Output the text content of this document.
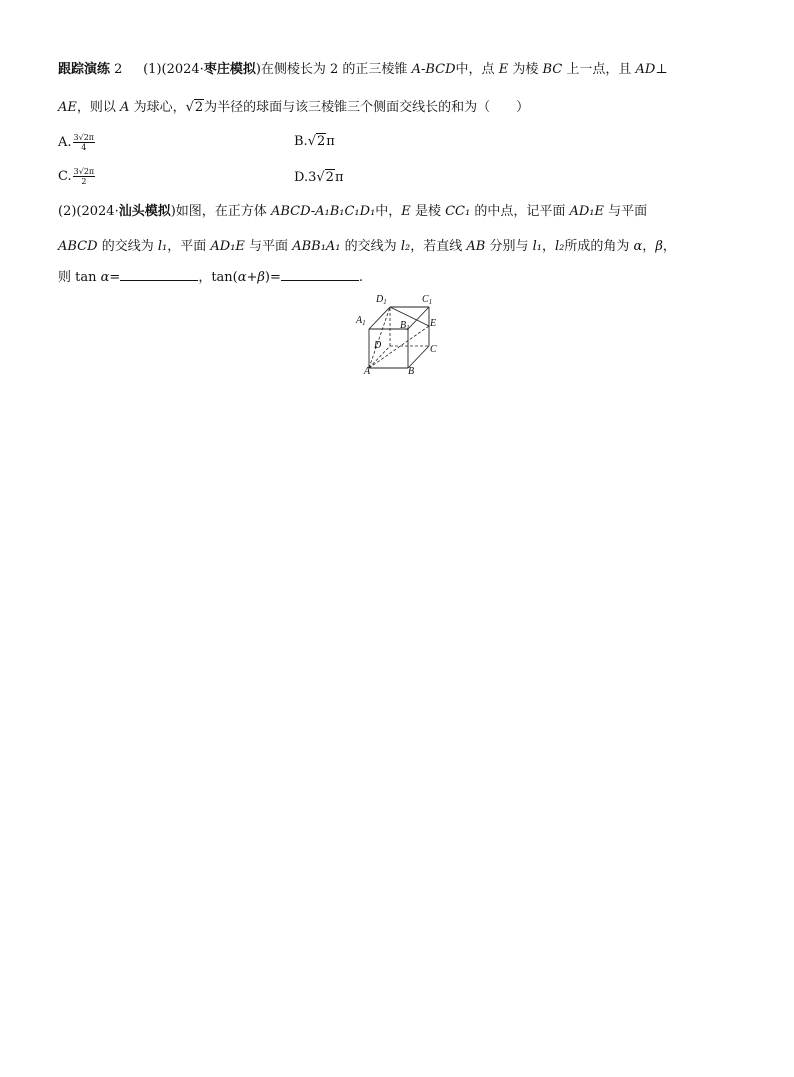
跟踪演练 2 (1)(2024·枣庄模拟)在侧棱长为 2 的正三棱锥 A-BCD中，点 E 为棱 BC 上一点，且 AD⊥
AE，则以 A 为球心，√2为半径的球面与该三棱锥三个侧面交线长的和为（　　）
A. $\frac{3√2\pi}{4}$	B.√2π
C. $\frac{3√2\pi}{2}$	D.3√2π
(2)(2024·汕头模拟)如图，在正方体 ABCD-A₁B₁C₁D₁中，E 是棱 CC₁ 的中点，记平面 AD₁E 与平面
ABCD 的交线为 l₁，平面 AD₁E 与平面 ABB₁A₁ 的交线为 l₂，若直线 AB 分别与 l₁，l₂所成的角为 α，β，
则 tan α=	，tan(α+β)=	.
$D_1$	$C_1$
$A_1$	$B_1$ E
D	C
A	B
